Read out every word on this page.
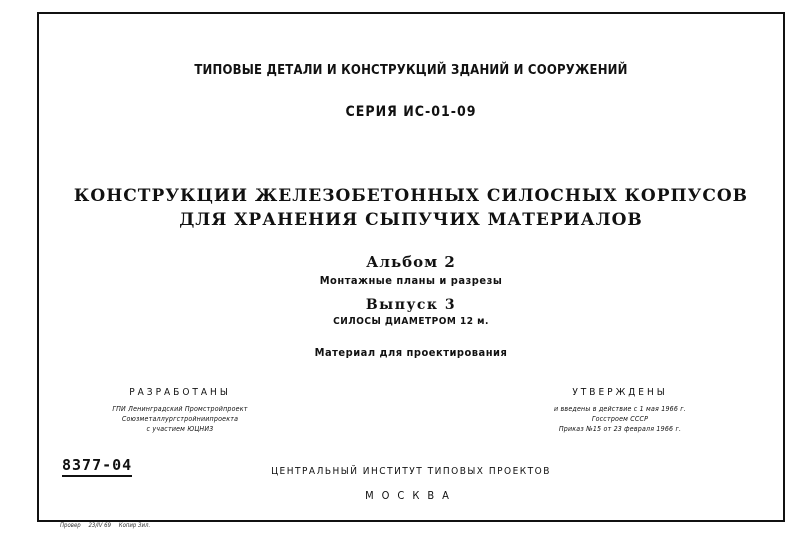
ТИПОВЫЕ ДЕТАЛИ И КОНСТРУКЦИЙ ЗДАНИЙ И СООРУЖЕНИЙ
СЕРИЯ ИС-01-09
КОНСТРУКЦИИ ЖЕЛЕЗОБЕТОННЫХ СИЛОСНЫХ КОРПУСОВ
ДЛЯ ХРАНЕНИЯ СЫПУЧИХ МАТЕРИАЛОВ
Альбом 2
Монтажные планы и разрезы
Выпуск 3
СИЛОСЫ ДИАМЕТРОМ 12 м.
Материал для проектирования
РАЗРАБОТАНЫ
ГПИ Ленинградский Промстройпроект
Союзметаллургстройниипроекта
с участием ЮЦНИ3
УТВЕРЖДЕНЫ
и введены в действие с 1 мая 1966 г.
Госстроем СССР
Приказ №15 от 23 февраля 1966 г.
8377-04	ЦЕНТРАЛЬНЫЙ ИНСТИТУТ ТИПОВЫХ ПРОЕКТОВ
МОСКВА
Провер 23/IV 69 Копир Зил.
